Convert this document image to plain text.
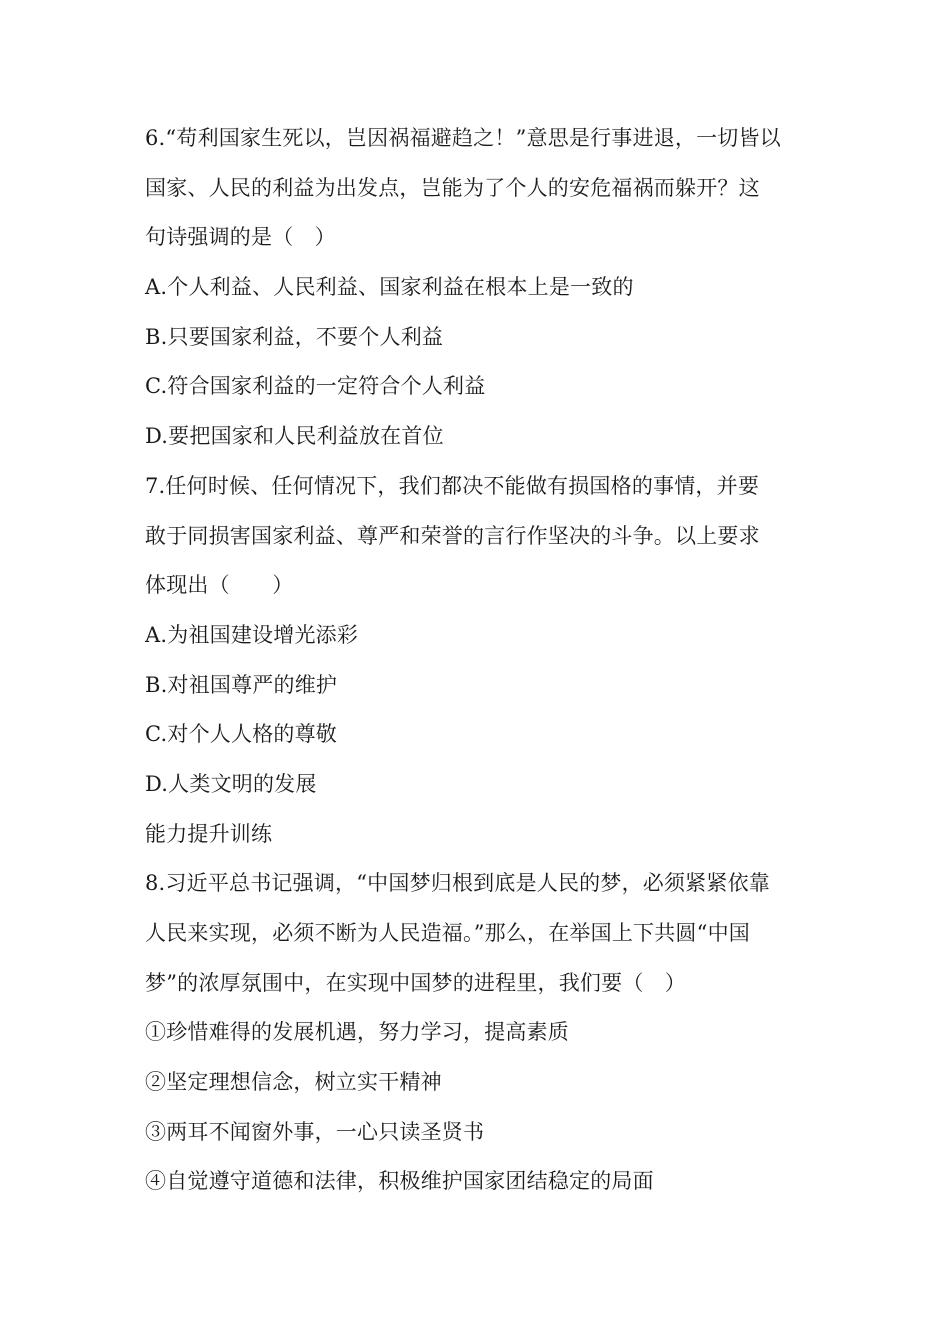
6.“苟利国家生死以，岂因祸福避趋之！”意思是行事进退，一切皆以
国家、人民的利益为出发点，岂能为了个人的安危福祸而躲开？这
句诗强调的是（　）
A.个人利益、人民利益、国家利益在根本上是一致的
B.只要国家利益，不要个人利益
C.符合国家利益的一定符合个人利益
D.要把国家和人民利益放在首位
7.任何时候、任何情况下，我们都决不能做有损国格的事情，并要
敢于同损害国家利益、尊严和荣誉的言行作坚决的斗争。以上要求
体现出（　　）
A.为祖国建设增光添彩
B.对祖国尊严的维护
C.对个人人格的尊敬
D.人类文明的发展
能力提升训练
8.习近平总书记强调，“中国梦归根到底是人民的梦，必须紧紧依靠
人民来实现，必须不断为人民造福。”那么，在举国上下共圆“中国
梦”的浓厚氛围中，在实现中国梦的进程里，我们要（　）
①珍惜难得的发展机遇，努力学习，提高素质
②坚定理想信念，树立实干精神
③两耳不闻窗外事，一心只读圣贤书
④自觉遵守道德和法律，积极维护国家团结稳定的局面
